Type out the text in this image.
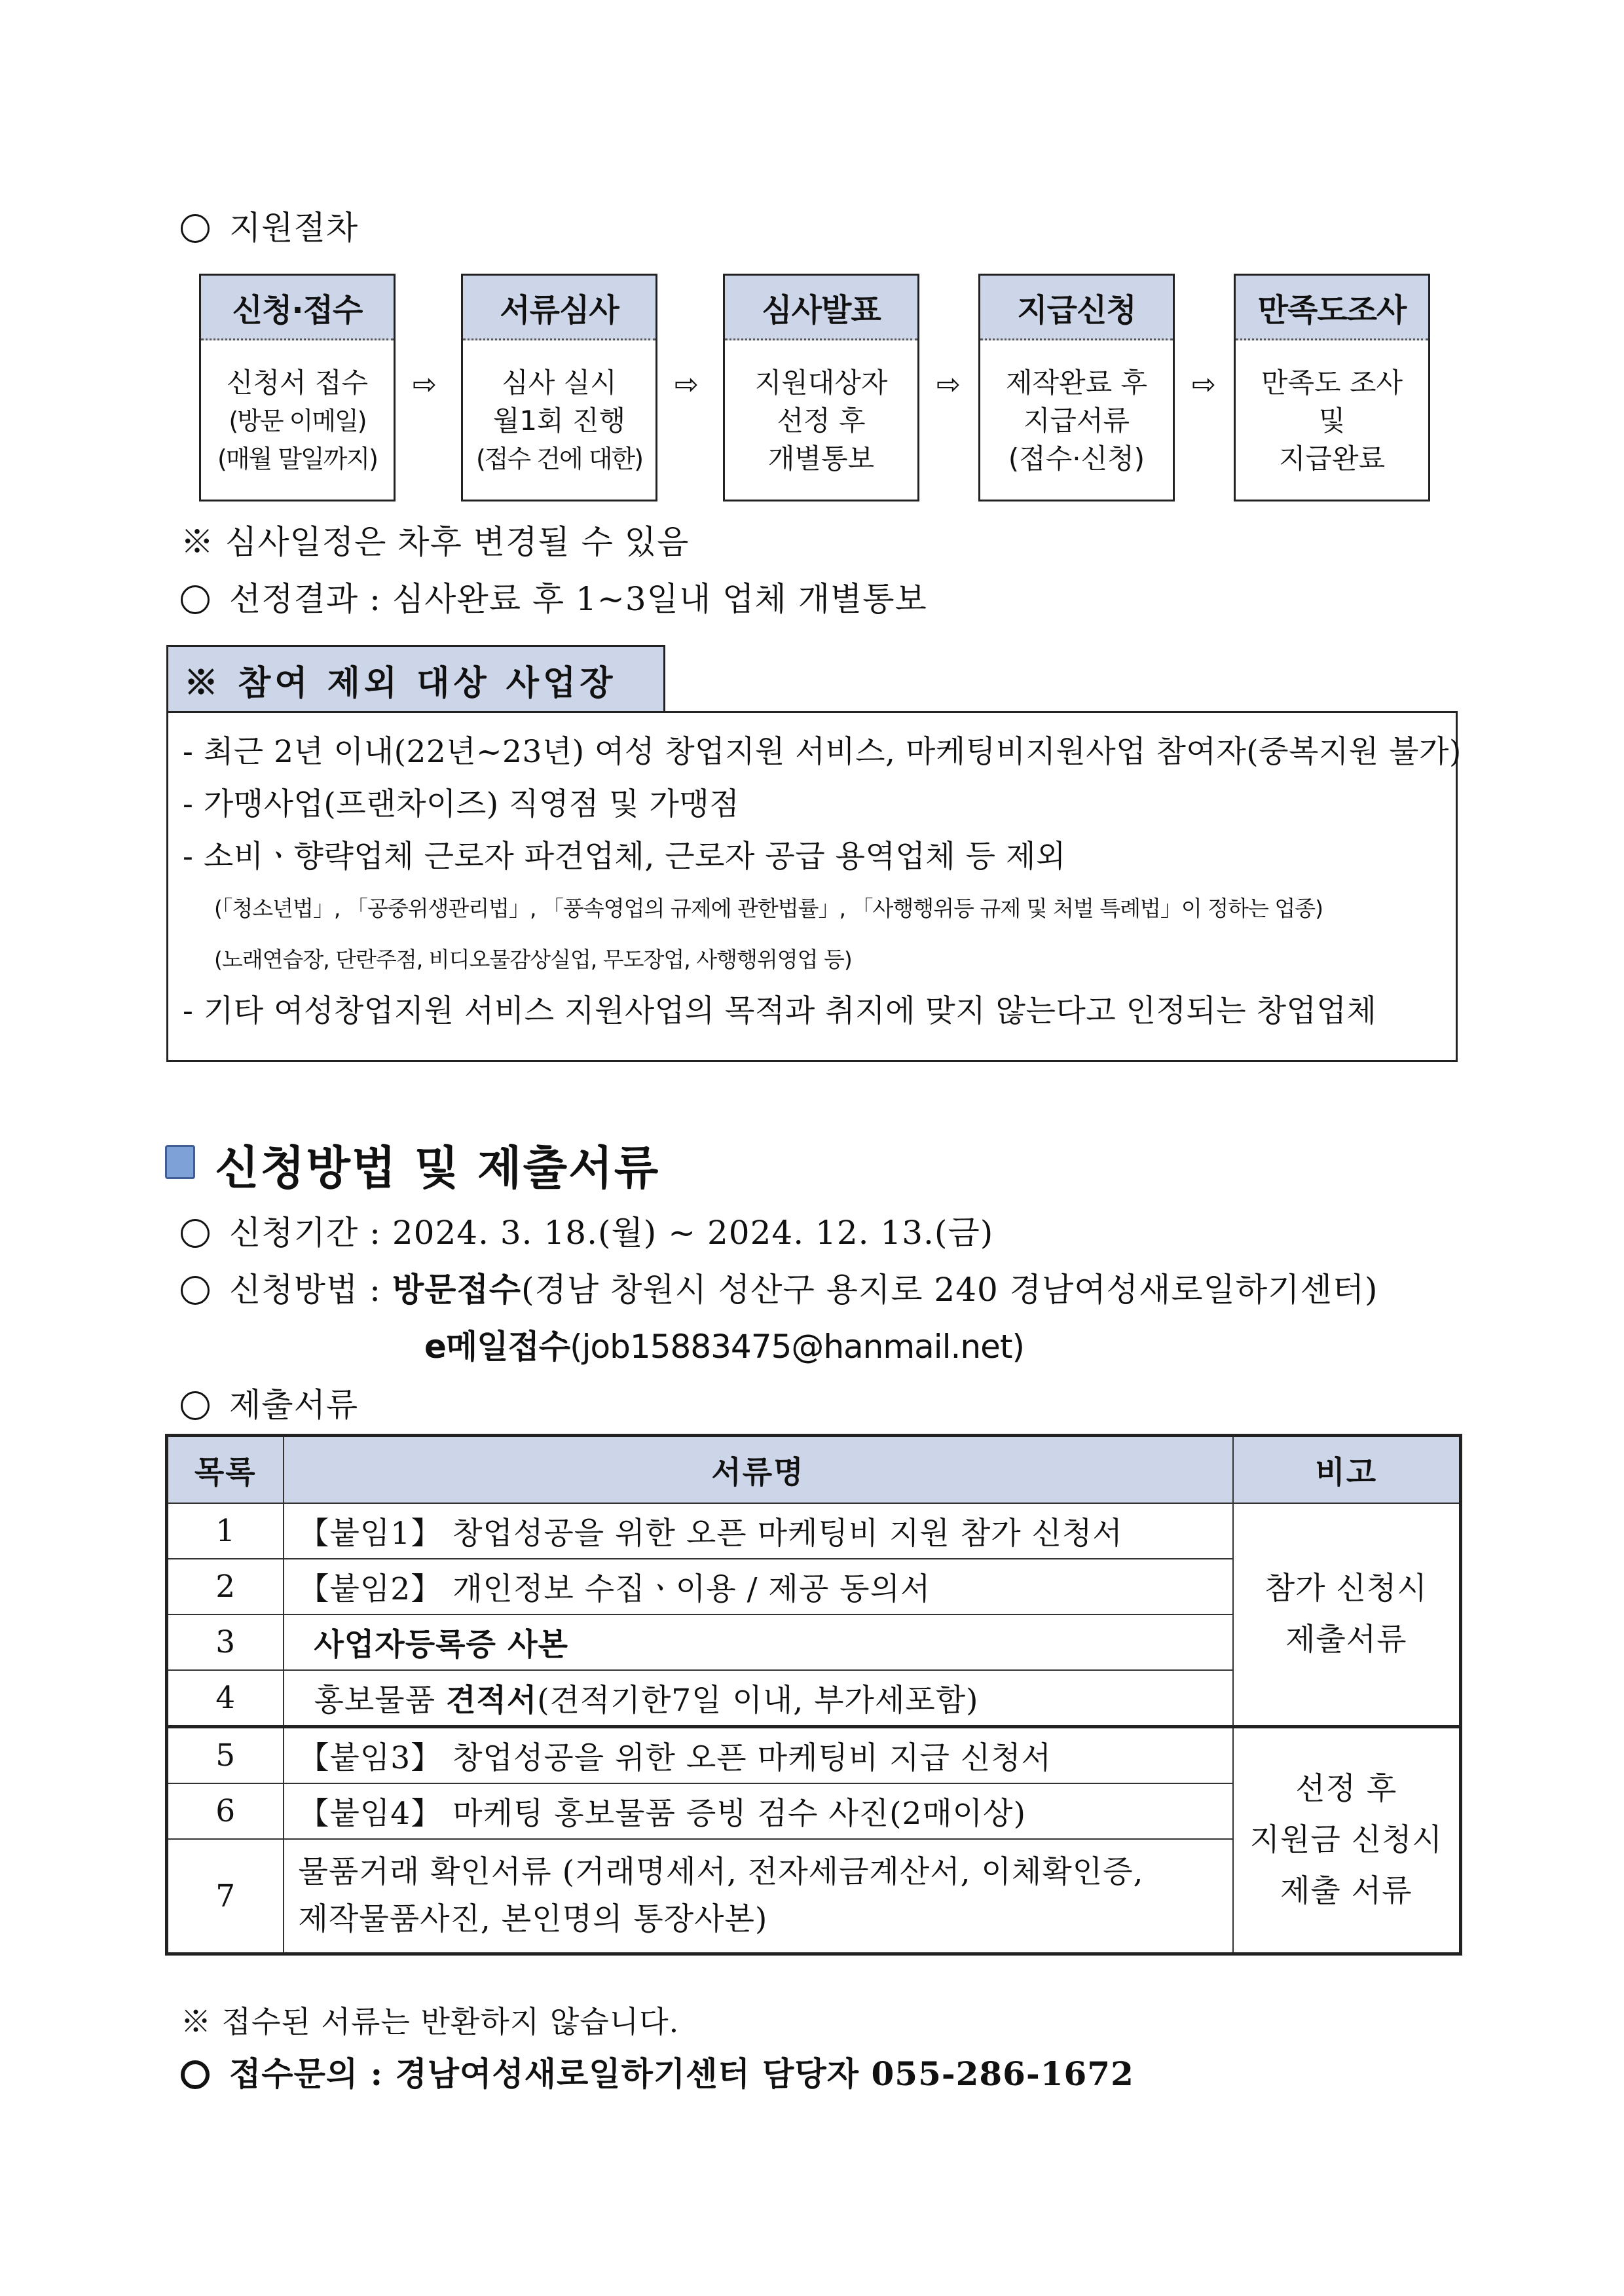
지원절차
신청·접수
신청서 접수
(방문 이메일)
(매월 말일까지)
⇨
서류심사
심사 실시
월1회 진행
(접수 건에 대한)
⇨
심사발표
지원대상자
선정 후
개별통보
⇨
지급신청
제작완료 후
지급서류
(접수·신청)
⇨
만족도조사
만족도 조사
및
지급완료
※ 심사일정은 차후 변경될 수 있음
선정결과 : 심사완료 후 1~3일내 업체 개별통보
※ 참여 제외 대상 사업장
- 최근 2년 이내(22년~23년) 여성 창업지원 서비스, 마케팅비지원사업 참여자(중복지원 불가)
- 가맹사업(프랜차이즈) 직영점 및 가맹점
- 소비ㆍ향략업체 근로자 파견업체, 근로자 공급 용역업체 등 제외
(「청소년법」, 「공중위생관리법」, 「풍속영업의 규제에 관한법률」, 「사행행위등 규제 및 처벌 특례법」이 정하는 업종)
(노래연습장, 단란주점, 비디오물감상실업, 무도장업, 사행행위영업 등)
- 기타 여성창업지원 서비스 지원사업의 목적과 취지에 맞지 않는다고 인정되는 창업업체
신청방법 및 제출서류
신청기간 : 2024. 3. 18.(월) ~ 2024. 12. 13.(금)
신청방법 : 방문접수(경남 창원시 성산구 용지로 240 경남여성새로일하기센터)
e메일접수(job15883475@hanmail.net)
제출서류
목록	서류명	비고
1	【붙임1】 창업성공을 위한 오픈 마케팅비 지원 참가 신청서	참가 신청시
제출서류

2	【붙임2】 개인정보 수집ㆍ이용 / 제공 동의서	
3	사업자등록증 사본	
4	홍보물품 견적서(견적기한7일 이내, 부가세포함)	
5	【붙임3】 창업성공을 위한 오픈 마케팅비 지급 신청서	선정 후
지원금 신청시
제출 서류

6	【붙임4】 마케팅 홍보물품 증빙 검수 사진(2매이상)	
7	물품거래 확인서류 (거래명세서, 전자세금계산서, 이체확인증,
제작물품사진, 본인명의 통장사본)	
※ 접수된 서류는 반환하지 않습니다.
접수문의 : 경남여성새로일하기센터 담당자 055-286-1672
